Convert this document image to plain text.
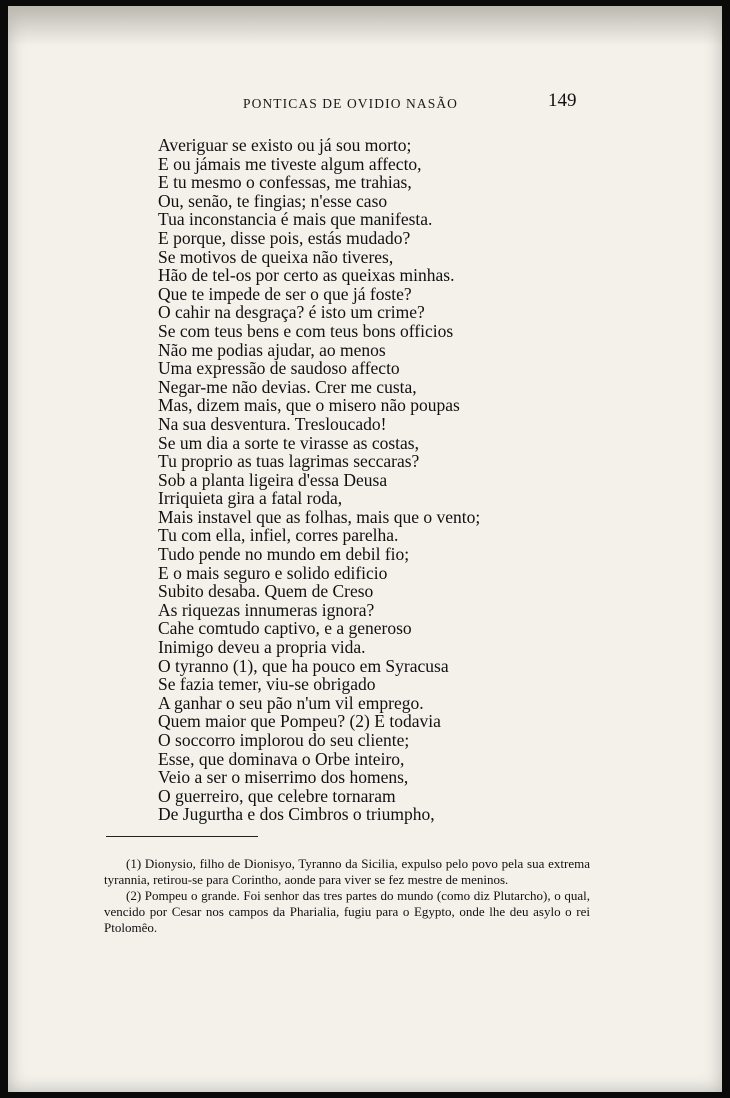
PONTICAS DE OVIDIO NASÃO	149
Averiguar se existo ou já sou morto;
E ou jámais me tiveste algum affecto,
E tu mesmo o confessas, me trahias,
Ou, senão, te fingias; n'esse caso
Tua inconstancia é mais que manifesta.
E porque, disse pois, estás mudado?
Se motivos de queixa não tiveres,
Hão de tel-os por certo as queixas minhas.
Que te impede de ser o que já foste?
O cahir na desgraça? é isto um crime?
Se com teus bens e com teus bons officios
Não me podias ajudar, ao menos
Uma expressão de saudoso affecto
Negar-me não devias. Crer me custa,
Mas, dizem mais, que o misero não poupas
Na sua desventura. Tresloucado!
Se um dia a sorte te virasse as costas,
Tu proprio as tuas lagrimas seccaras?
Sob a planta ligeira d'essa Deusa
Irriquieta gira a fatal roda,
Mais instavel que as folhas, mais que o vento;
Tu com ella, infiel, corres parelha.
Tudo pende no mundo em debil fio;
E o mais seguro e solido edificio
Subito desaba. Quem de Creso
As riquezas innumeras ignora?
Cahe comtudo captivo, e a generoso
Inimigo deveu a propria vida.
O tyranno (1), que ha pouco em Syracusa
Se fazia temer, viu-se obrigado
A ganhar o seu pão n'um vil emprego.
Quem maior que Pompeu? (2) E todavia
O soccorro implorou do seu cliente;
Esse, que dominava o Orbe inteiro,
Veio a ser o miserrimo dos homens,
O guerreiro, que celebre tornaram
De Jugurtha e dos Cimbros o triumpho,

(1) Dionysio, filho de Dionisyo, Tyranno da Sicilia, expulso pelo povo pela sua extrema tyrannia, retirou-se para Corintho, aonde para viver se fez mestre de meninos.

(2) Pompeu o grande. Foi senhor das tres partes do mundo (como diz Plutarcho), o qual, vencido por Cesar nos campos da Pharialia, fugiu para o Egypto, onde lhe deu asylo o rei Ptolomêo.
